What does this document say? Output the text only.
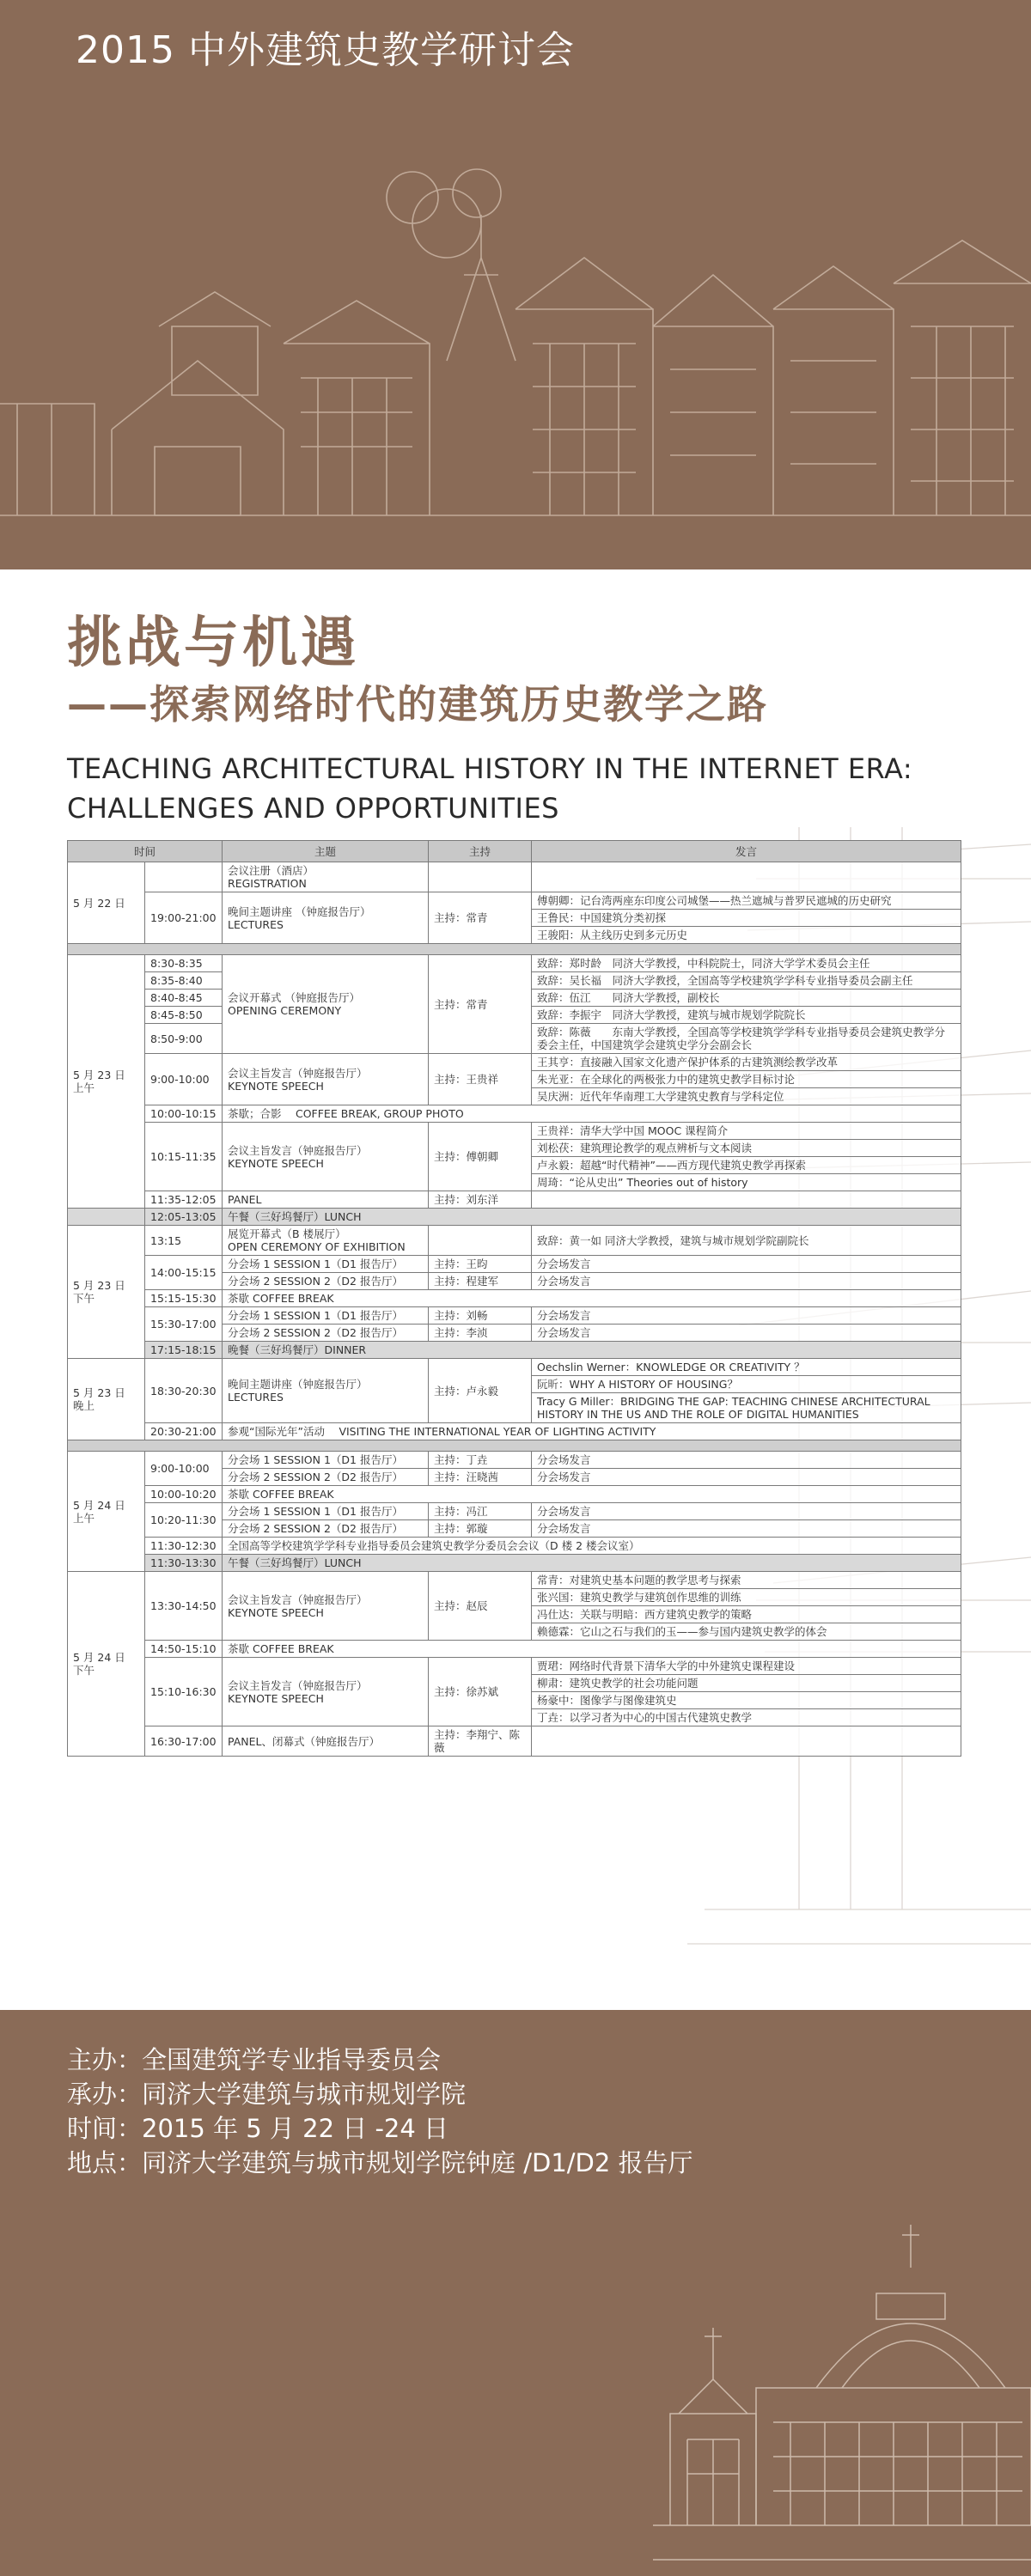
2015 中外建筑史教学研讨会
挑战与机遇
——探索网络时代的建筑历史教学之路
TEACHING ARCHITECTURAL HISTORY IN THE INTERNET ERA:
CHALLENGES AND OPPORTUNITIES
时间		主题	主持	发言
5 月 22 日		会议注册（酒店）
REGISTRATION		
	19:00-21:00	晚间主题讲座 （钟庭报告厅）
LECTURES	主持：常青	傅朝卿：记台湾两座东印度公司城堡——热兰遮城与普罗民遮城的历史研究
				王鲁民：中国建筑分类初探
				王骏阳：从主线历史到多元历史

5 月 23 日
上午	8:30-8:35	会议开幕式 （钟庭报告厅）
OPENING CEREMONY	主持：常青	致辞：郑时龄　同济大学教授，中科院院士，同济大学学术委员会主任
	8:35-8:40			致辞：吴长福　同济大学教授，全国高等学校建筑学学科专业指导委员会副主任
	8:40-8:45			致辞：伍江　　同济大学教授，副校长
	8:45-8:50			致辞：李振宇　同济大学教授，建筑与城市规划学院院长
	8:50-9:00			致辞：陈薇　　东南大学教授，全国高等学校建筑学学科专业指导委员会建筑史教学分委会主任，中国建筑学会建筑史学分会副会长
	9:00-10:00	会议主旨发言（钟庭报告厅）
KEYNOTE SPEECH	主持：王贵祥	王其亨：直接融入国家文化遗产保护体系的古建筑测绘教学改革
				朱光亚：在全球化的两极张力中的建筑史教学目标讨论
				吴庆洲：近代年华南理工大学建筑史教育与学科定位
	10:00-10:15	茶歇；合影　 COFFEE BREAK, GROUP PHOTO		
	10:15-11:35	会议主旨发言（钟庭报告厅）
KEYNOTE SPEECH	主持：傅朝卿	王贵祥：清华大学中国 MOOC 课程简介
				刘松茯：建筑理论教学的观点辨析与文本阅读
				卢永毅：超越“时代精神”——西方现代建筑史教学再探索
				周琦：“论从史出” Theories out of history
	11:35-12:05	PANEL	主持：刘东洋	
	12:05-13:05	午餐（三好坞餐厅）LUNCH		
5 月 23 日
下午	13:15	展览开幕式（B 楼展厅）
OPEN CEREMONY OF EXHIBITION		致辞：黄一如 同济大学教授，建筑与城市规划学院副院长
	14:00-15:15	分会场 1 SESSION 1（D1 报告厅）	主持：王昀	分会场发言
		分会场 2 SESSION 2（D2 报告厅）	主持：程建军	分会场发言
	15:15-15:30	茶歇 COFFEE BREAK		
	15:30-17:00	分会场 1 SESSION 1（D1 报告厅）	主持：刘畅	分会场发言
		分会场 2 SESSION 2（D2 报告厅）	主持：李浈	分会场发言
	17:15-18:15	晚餐（三好坞餐厅）DINNER		
5 月 23 日
晚上	18:30-20:30	晚间主题讲座（钟庭报告厅）
LECTURES	主持：卢永毅	Oechslin Werner：KNOWLEDGE OR CREATIVITY ？
				阮昕：WHY A HISTORY OF HOUSING？
				Tracy G Miller：BRIDGING THE GAP: TEACHING CHINESE ARCHITECTURAL HISTORY IN THE US AND THE ROLE OF DIGITAL HUMANITIES
	20:30-21:00	参观“国际光年”活动　 VISITING THE INTERNATIONAL YEAR OF LIGHTING ACTIVITY		

5 月 24 日
上午	9:00-10:00	分会场 1 SESSION 1（D1 报告厅）	主持：丁垚	分会场发言
		分会场 2 SESSION 2（D2 报告厅）	主持：汪晓茜	分会场发言
	10:00-10:20	茶歇 COFFEE BREAK		
	10:20-11:30	分会场 1 SESSION 1（D1 报告厅）	主持：冯江	分会场发言
		分会场 2 SESSION 2（D2 报告厅）	主持：郭璇	分会场发言
	11:30-12:30	全国高等学校建筑学学科专业指导委员会建筑史教学分委员会会议（D 楼 2 楼会议室）		
	11:30-13:30	午餐（三好坞餐厅）LUNCH		
5 月 24 日
下午	13:30-14:50	会议主旨发言（钟庭报告厅）
KEYNOTE SPEECH	主持：赵辰	常青：对建筑史基本问题的教学思考与探索
				张兴国：建筑史教学与建筑创作思维的训练
				冯仕达：关联与明暗：西方建筑史教学的策略
				赖德霖：它山之石与我们的玉——参与国内建筑史教学的体会
	14:50-15:10	茶歇 COFFEE BREAK		
	15:10-16:30	会议主旨发言（钟庭报告厅）
KEYNOTE SPEECH	主持：徐苏斌	贾珺：网络时代背景下清华大学的中外建筑史课程建设
				柳肃：建筑史教学的社会功能问题
				杨豪中：图像学与图像建筑史
				丁垚：以学习者为中心的中国古代建筑史教学
	16:30-17:00	PANEL、闭幕式（钟庭报告厅）	主持：李翔宁、陈薇	
主办：全国建筑学专业指导委员会
承办：同济大学建筑与城市规划学院
时间：2015 年 5 月 22 日 -24 日
地点：同济大学建筑与城市规划学院钟庭 /D1/D2 报告厅
